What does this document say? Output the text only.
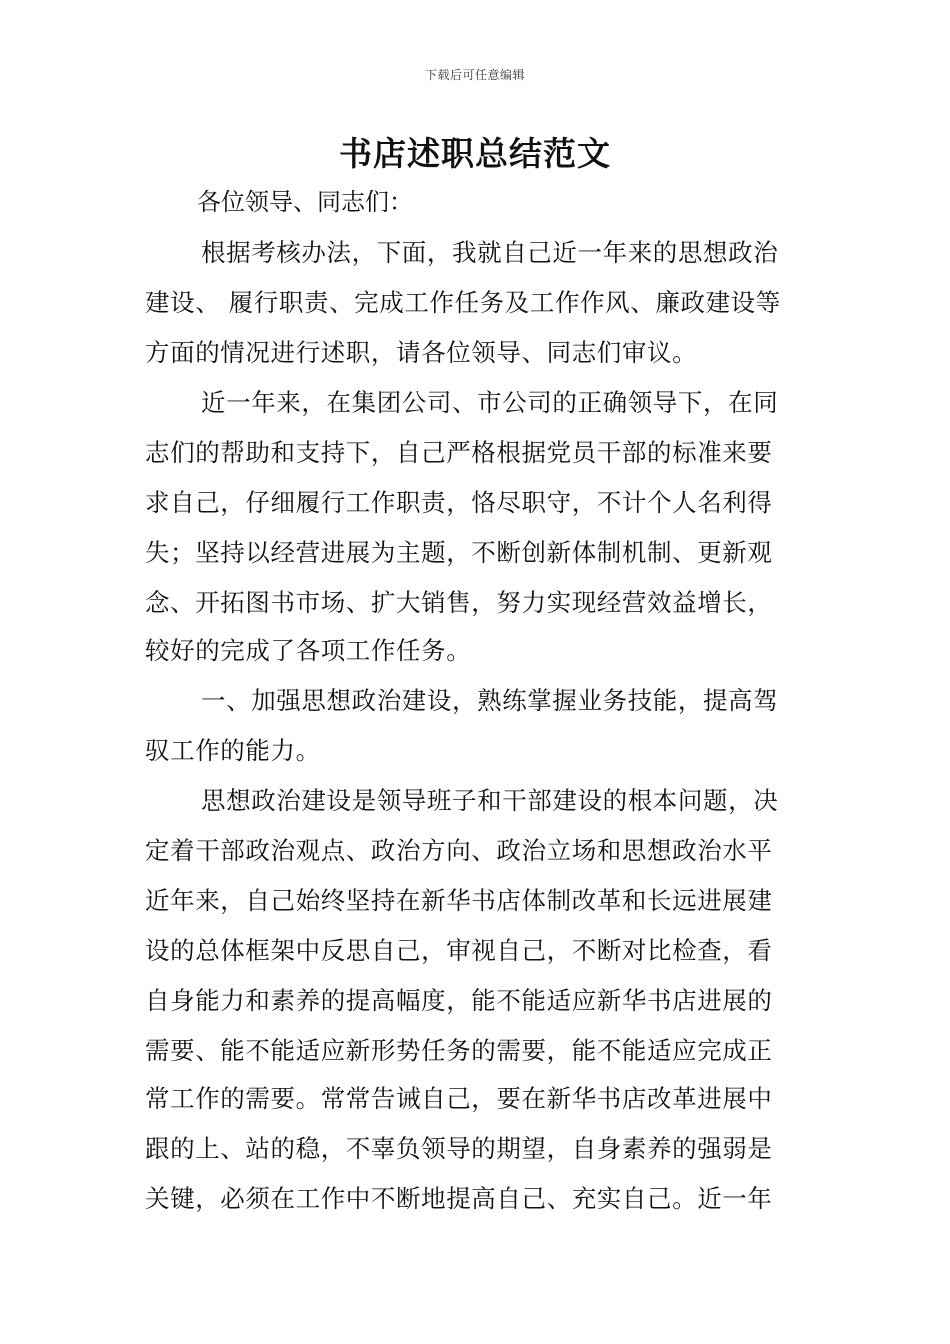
下载后可任意编辑
书店述职总结范文

各位领导、同志们：

根据考核办法，下面，我就自己近一年来的思想政治

建设、 履行职责、完成工作任务及工作作风、廉政建设等

方面的情况进行述职，请各位领导、同志们审议。

近一年来，在集团公司、市公司的正确领导下，在同

志们的帮助和支持下，自己严格根据党员干部的标准来要

求自己，仔细履行工作职责，恪尽职守，不计个人名利得

失；坚持以经营进展为主题，不断创新体制机制、更新观

念、开拓图书市场、扩大销售，努力实现经营效益增长，

较好的完成了各项工作任务。

一、加强思想政治建设，熟练掌握业务技能，提高驾

驭工作的能力。

思想政治建设是领导班子和干部建设的根本问题，决

定着干部政治观点、政治方向、政治立场和思想政治水平

近年来，自己始终坚持在新华书店体制改革和长远进展建

设的总体框架中反思自己，审视自己，不断对比检查，看

自身能力和素养的提高幅度，能不能适应新华书店进展的

需要、能不能适应新形势任务的需要，能不能适应完成正

常工作的需要。常常告诫自己，要在新华书店改革进展中

跟的上、站的稳，不辜负领导的期望，自身素养的强弱是

关键，必须在工作中不断地提高自己、充实自己。近一年
